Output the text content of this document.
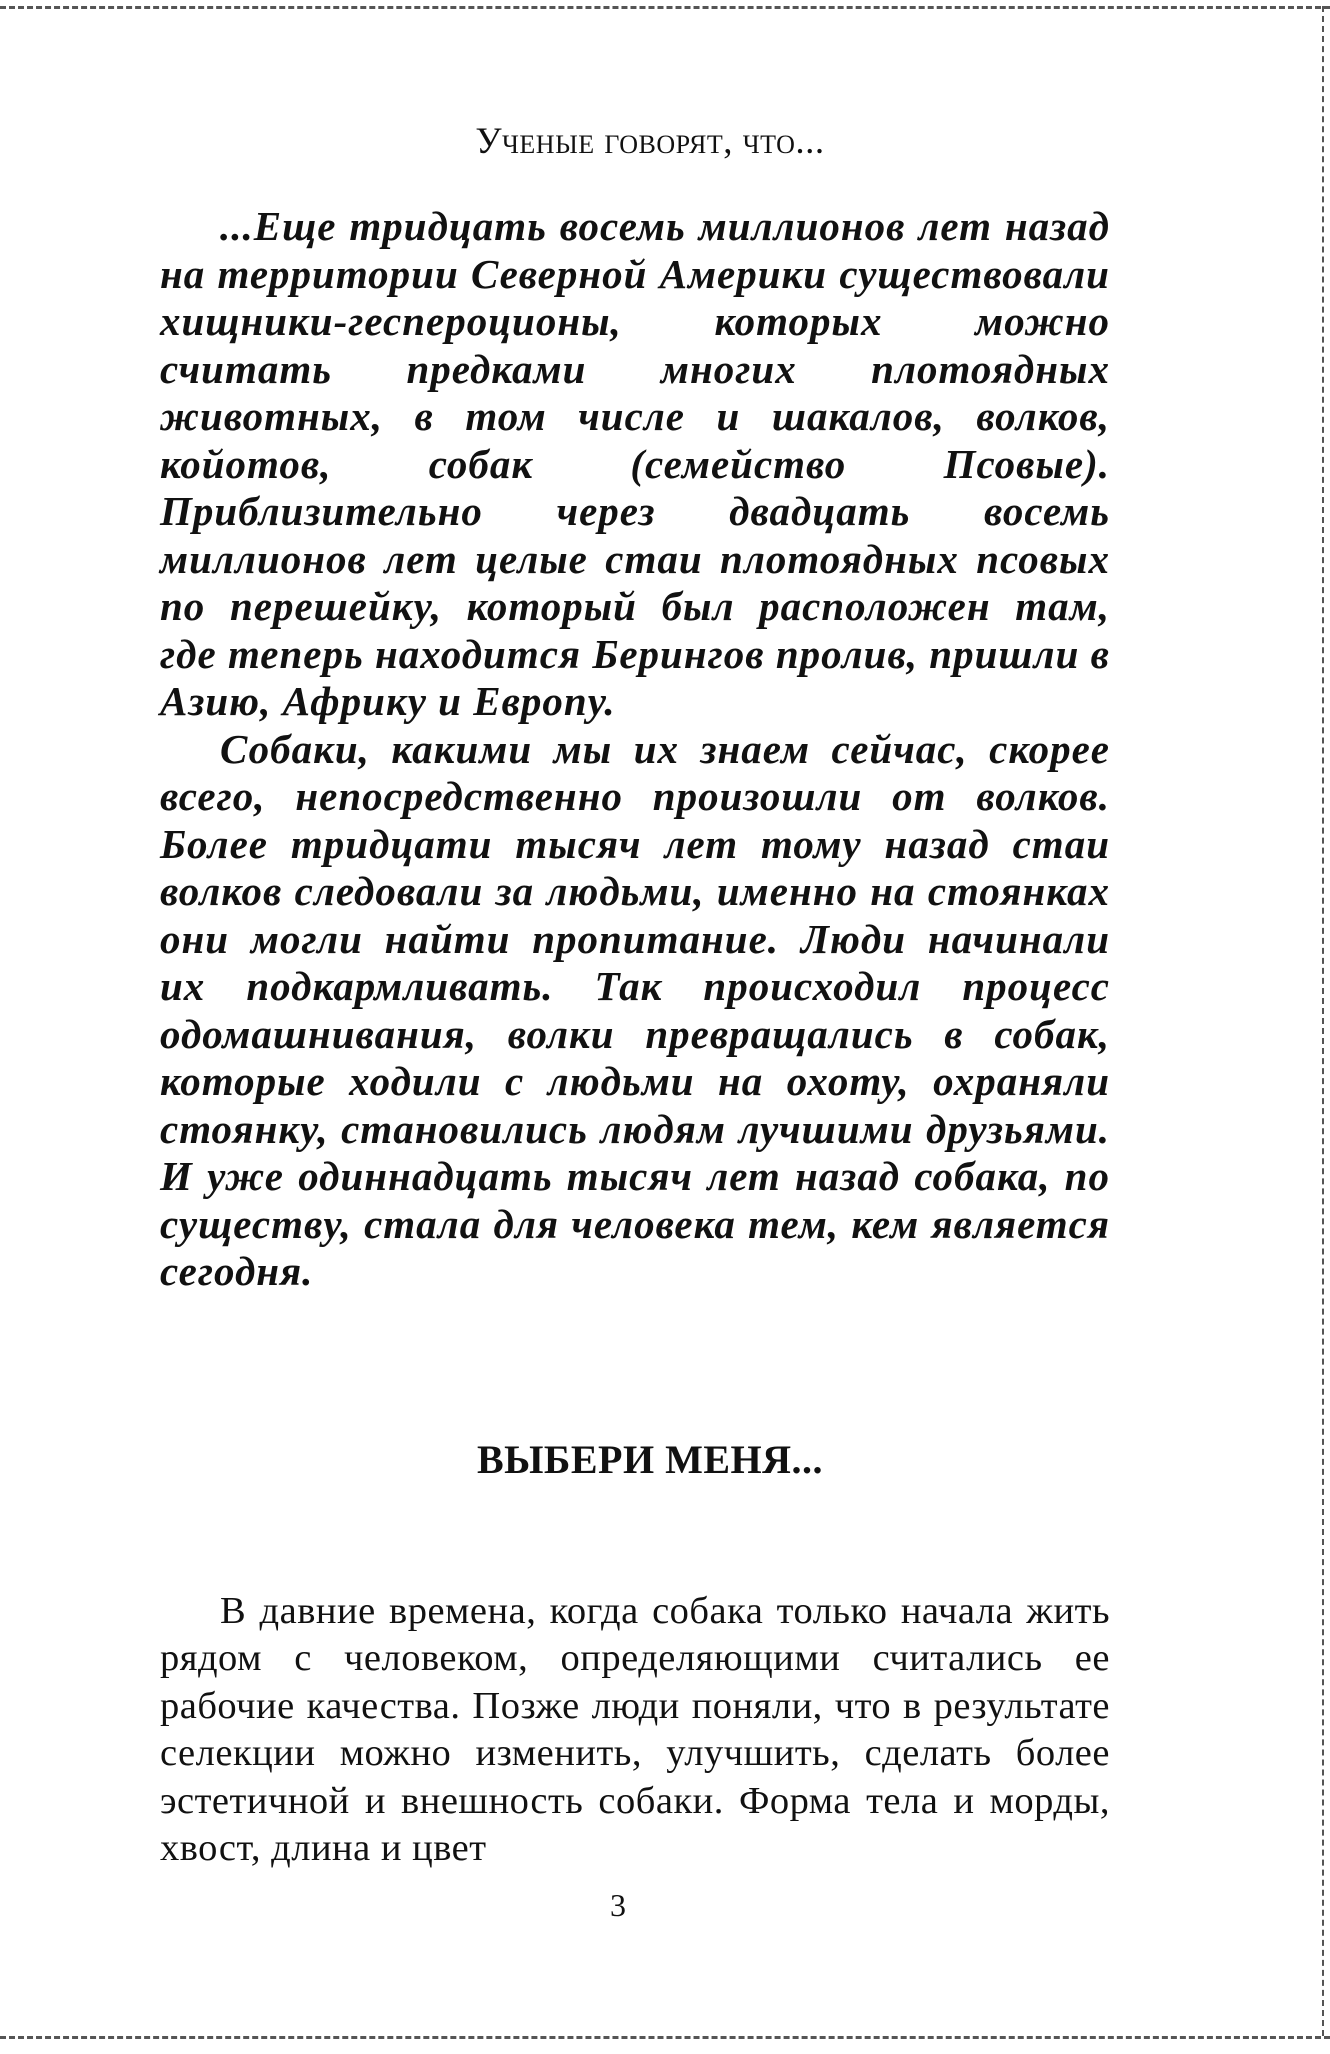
Ученые говорят, что...

...Еще тридцать восемь миллионов лет назад на территории Северной Америки существовали хищники-гесперοционы, которых можно считать предками многих плотоядных животных, в том числе и шакалов, волков, койотов, собак (семейство Псовые). Приблизительно через двадцать восемь миллионов лет целые стаи плотоядных псовых по перешейку, который был расположен там, где теперь находится Берингов пролив, пришли в Азию, Африку и Европу.

Собаки, какими мы их знаем сейчас, скорее всего, непосредственно произошли от волков. Более тридцати тысяч лет тому назад стаи волков следовали за людьми, именно на стоянках они могли найти пропитание. Люди начинали их подкармливать. Так происходил процесс одомашнивания, волки превращались в собак, которые ходили с людьми на охоту, охраняли стоянку, становились людям лучшими друзьями. И уже одиннадцать тысяч лет назад собака, по существу, стала для человека тем, кем является сегодня.

ВЫБЕРИ МЕНЯ...

В давние времена, когда собака только начала жить рядом с человеком, определяющими считались ее рабочие качества. Позже люди поняли, что в результате селекции можно изменить, улучшить, сделать более эстетичной и внешность собаки. Форма тела и морды, хвост, длина и цвет

3
